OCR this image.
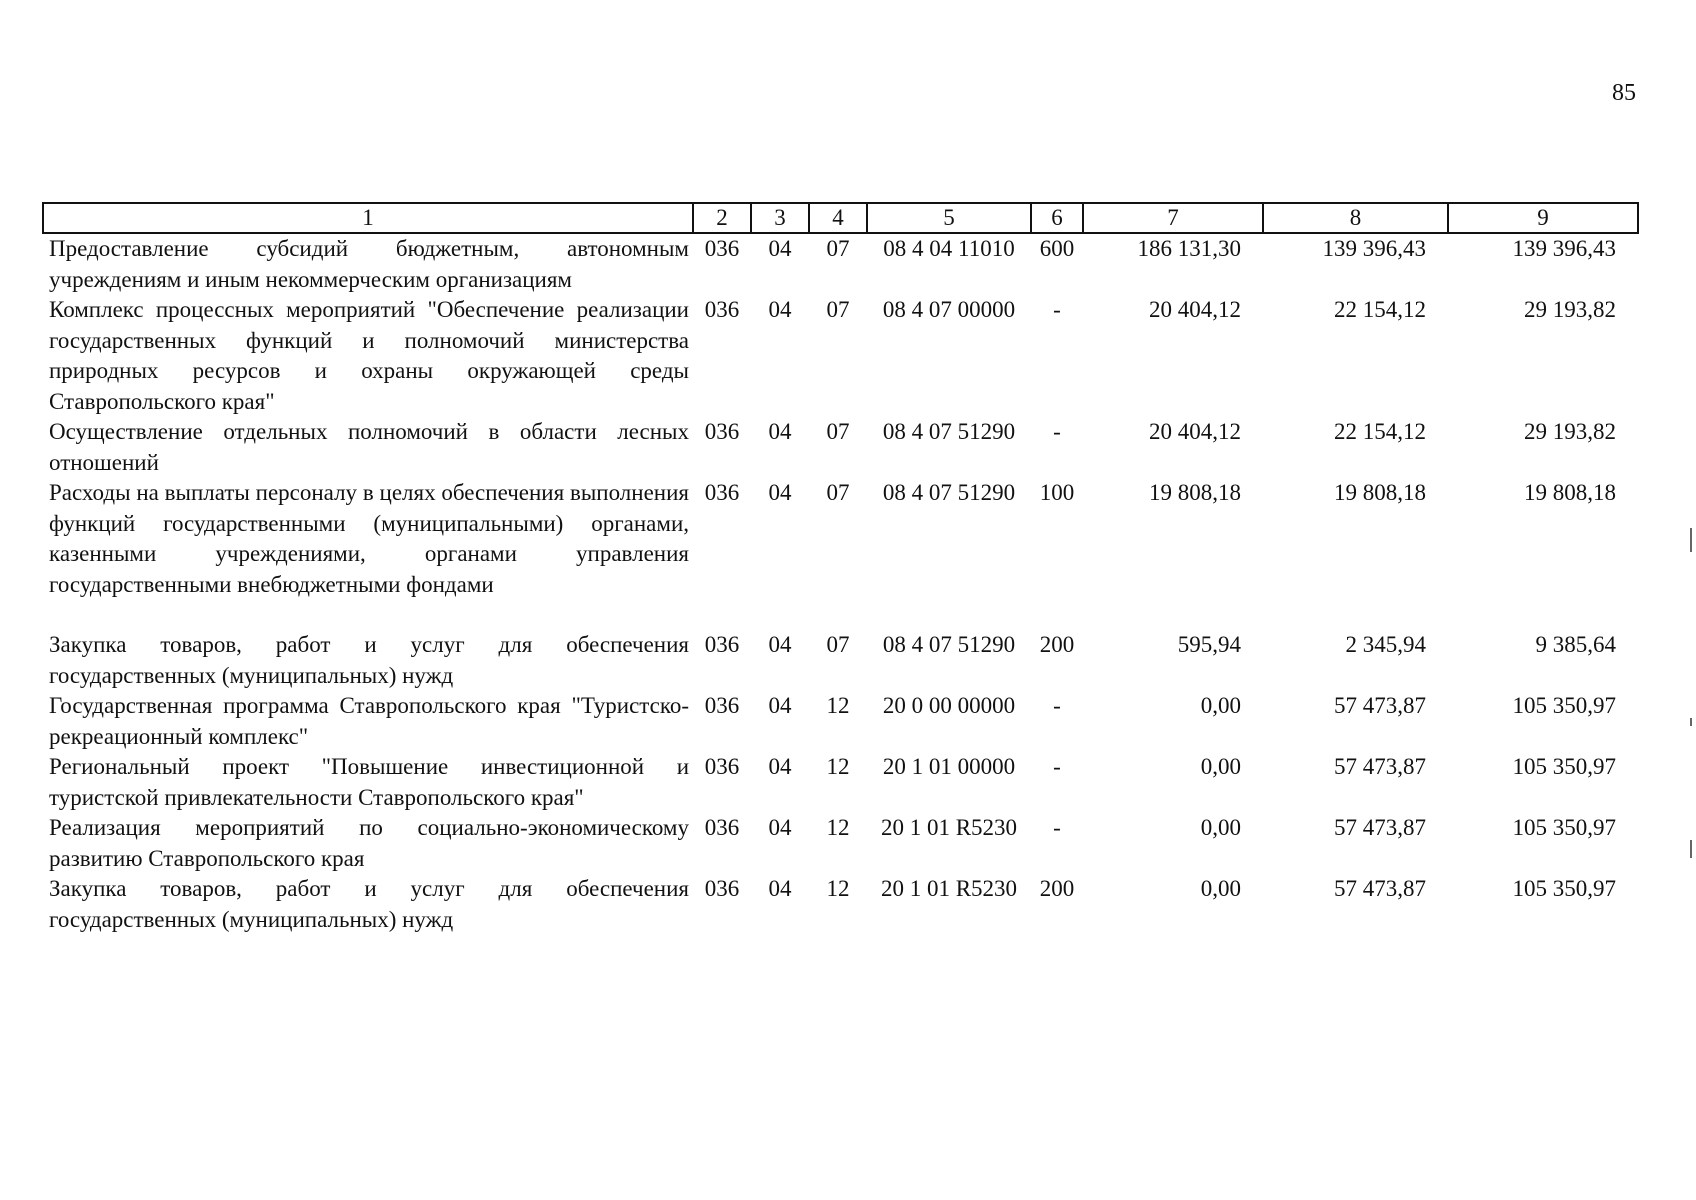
85
1	2	3	4	5	6	7	8	9
Предоставление субсидий бюджетным, автономным учреждениям и иным некоммерческим организациям	036	04	07	08 4 04 11010	600	186 131,30	139 396,43	139 396,43
Комплекс процессных мероприятий "Обеспечение реализации государственных функций и полномочий министерства природных ресурсов и охраны окружающей среды Ставропольского края"	036	04	07	08 4 07 00000	-	20 404,12	22 154,12	29 193,82
Осуществление отдельных полномочий в области лесных отношений	036	04	07	08 4 07 51290	-	20 404,12	22 154,12	29 193,82
Расходы на выплаты персоналу в целях обеспечения выполнения функций государственными (муниципальными) органами, казенными учреждениями, органами управления государственными внебюджетными фондами	036	04	07	08 4 07 51290	100	19 808,18	19 808,18	19 808,18

Закупка товаров, работ и услуг для обеспечения государственных (муниципальных) нужд	036	04	07	08 4 07 51290	200	595,94	2 345,94	9 385,64
Государственная программа Ставропольского края "Туристско-рекреационный комплекс"	036	04	12	20 0 00 00000	-	0,00	57 473,87	105 350,97
Региональный проект "Повышение инвестиционной и туристской привлекательности Ставропольского края"	036	04	12	20 1 01 00000	-	0,00	57 473,87	105 350,97
Реализация мероприятий по социально-экономическому развитию Ставропольского края	036	04	12	20 1 01 R5230	-	0,00	57 473,87	105 350,97
Закупка товаров, работ и услуг для обеспечения государственных (муниципальных) нужд	036	04	12	20 1 01 R5230	200	0,00	57 473,87	105 350,97
